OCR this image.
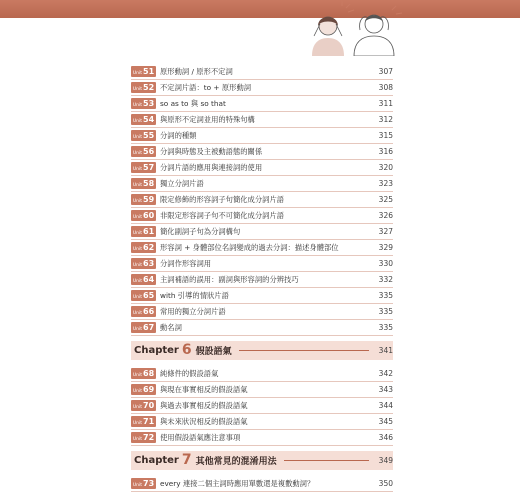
Unit 51 原形動詞 / 原形不定詞	307
Unit 52 不定詞片語：to + 原形動詞	308
Unit 53 so as to 與 so that	311
Unit 54 與原形不定詞並用的特殊句構	312
Unit 55 分詞的種類	315
Unit 56 分詞與時態及主被動語態的關係	316
Unit 57 分詞片語的應用與連接詞的使用	320
Unit 58 獨立分詞片語	323
Unit 59 限定修飾的形容詞子句簡化成分詞片語	325
Unit 60 非限定形容詞子句不可簡化成分詞片語	326
Unit 61 簡化副詞子句為分詞構句	327
Unit 62 形容詞 + 身體部位名詞變成的過去分詞：描述身體部位	329
Unit 63 分詞作形容詞用	330
Unit 64 主詞補語的誤用：副詞與形容詞的分辨技巧	332
Unit 65 with 引導的情狀片語	335
Unit 66 常用的獨立分詞片語	335
Unit 67 動名詞	335
Chapter 6 假設語氣	341
Unit 68 純條件的假設語氣	342
Unit 69 與現在事實相反的假設語氣	343
Unit 70 與過去事實相反的假設語氣	344
Unit 71 與未來狀況相反的假設語氣	345
Unit 72 使用假設語氣應注意事項	346
Chapter 7 其他常見的混淆用法	349
Unit 73 every 連接二個主詞時應用單數還是複數動詞？	350
